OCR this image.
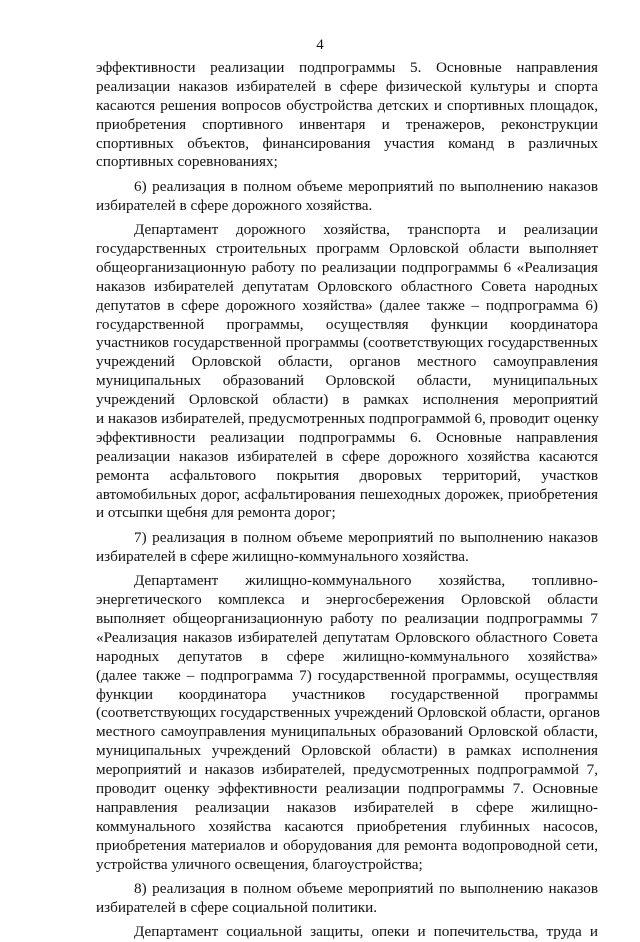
4
эффективности реализации подпрограммы 5. Основные направления
реализации наказов избирателей в сфере физической культуры и спорта
касаются решения вопросов обустройства детских и спортивных площадок,
приобретения спортивного инвентаря и тренажеров, реконструкции
спортивных объектов, финансирования участия команд в различных
спортивных соревнованиях;
6) реализация в полном объеме мероприятий по выполнению наказов
избирателей в сфере дорожного хозяйства.
Департамент дорожного хозяйства, транспорта и реализации
государственных строительных программ Орловской области выполняет
общеорганизационную работу по реализации подпрограммы 6 «Реализация
наказов избирателей депутатам Орловского областного Совета народных
депутатов в сфере дорожного хозяйства» (далее также – подпрограмма 6)
государственной программы, осуществляя функции координатора
участников государственной программы (соответствующих государственных
учреждений Орловской области, органов местного самоуправления
муниципальных образований Орловской области, муниципальных
учреждений Орловской области) в рамках исполнения мероприятий
и наказов избирателей, предусмотренных подпрограммой 6, проводит оценку
эффективности реализации подпрограммы 6. Основные направления
реализации наказов избирателей в сфере дорожного хозяйства касаются
ремонта асфальтового покрытия дворовых территорий, участков
автомобильных дорог, асфальтирования пешеходных дорожек, приобретения
и отсыпки щебня для ремонта дорог;
7) реализация в полном объеме мероприятий по выполнению наказов
избирателей в сфере жилищно-коммунального хозяйства.
Департамент жилищно-коммунального хозяйства, топливно-
энергетического комплекса и энергосбережения Орловской области
выполняет общеорганизационную работу по реализации подпрограммы 7
«Реализация наказов избирателей депутатам Орловского областного Совета
народных депутатов в сфере жилищно-коммунального хозяйства»
(далее также – подпрограмма 7) государственной программы, осуществляя
функции координатора участников государственной программы
(соответствующих государственных учреждений Орловской области, органов
местного самоуправления муниципальных образований Орловской области,
муниципальных учреждений Орловской области) в рамках исполнения
мероприятий и наказов избирателей, предусмотренных подпрограммой 7,
проводит оценку эффективности реализации подпрограммы 7. Основные
направления реализации наказов избирателей в сфере жилищно-
коммунального хозяйства касаются приобретения глубинных насосов,
приобретения материалов и оборудования для ремонта водопроводной сети,
устройства уличного освещения, благоустройства;
8) реализация в полном объеме мероприятий по выполнению наказов
избирателей в сфере социальной политики.
Департамент социальной защиты, опеки и попечительства, труда и
